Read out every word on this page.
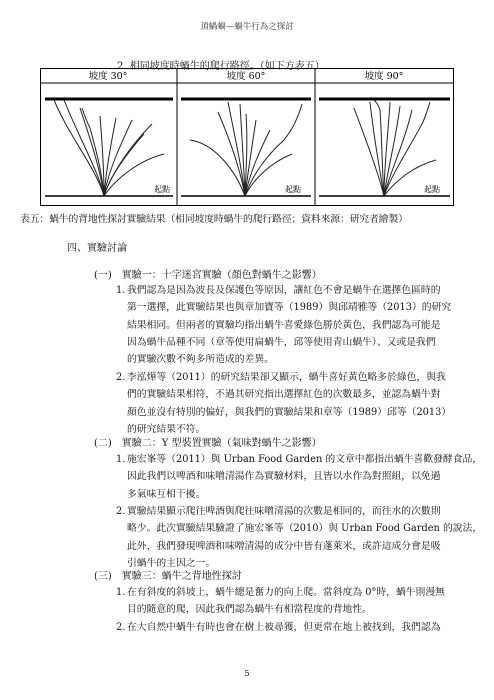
頂蝸蝸—蝸牛行為之探討
2. 相同坡度時蝸牛的爬行路徑。（如下方表五）
坡度 30°	坡度 60°	坡度 90°
起點	起點	起點
表五：蝸牛的背地性探討實驗結果（相同坡度時蝸牛的爬行路徑；資料來源：研究者繪製）
四、實驗討論
(一)　實驗一：十字迷宮實驗（顏色對蝸牛之影響）
1. 我們認為是因為波長及保護色等原因，讓紅色不會是蝸牛在選擇色區時的
第一選擇，此實驗結果也與章加寶等（1989）與邱靖雅等（2013）的研究
結果相同。但兩者的實驗均指出蝸牛喜愛綠色勝於黃色，我們認為可能是
因為蝸牛品種不同（章等使用扁蝸牛，邱等使用青山蝸牛）、又或是我們
的實驗次數不夠多所造成的差異。
2. 李泓燁等（2011）的研究結果卻又顯示，蝸牛喜好黃色略多於綠色，與我
們的實驗結果相符，不過其研究指出選擇紅色的次數最多，並認為蝸牛對
顏色並沒有特別的偏好，與我們的實驗結果和章等（1989）邱等（2013）
的研究結果不符。
(二)　實驗二：Y 型裝置實驗（氣味對蝸牛之影響）
1. 施宏峯等（2011）與 Urban Food Garden 的文章中都指出蝸牛喜歡發酵食品，
因此我們以啤酒和味噌清湯作為實驗材料，且皆以水作為對照組，以免過
多氣味互相干擾。
2. 實驗結果顯示爬往啤酒與爬往味噌清湯的次數是相同的，而往水的次數則
略少。此次實驗結果驗證了施宏峯等（2010）與 Urban Food Garden 的說法，
此外，我們發現啤酒和味噌清湯的成分中皆有蓬萊米，或許這成分會是吸
引蝸牛的主因之一。
(三)　實驗三：蝸牛之背地性探討
1. 在有斜度的斜坡上，蝸牛總是奮力的向上爬。當斜度為 0°時，蝸牛則漫無
目的隨意的爬，因此我們認為蝸牛有相當程度的背地性。
2. 在大自然中蝸牛有時也會在樹上被尋獲，但更常在地上被找到，我們認為
5
